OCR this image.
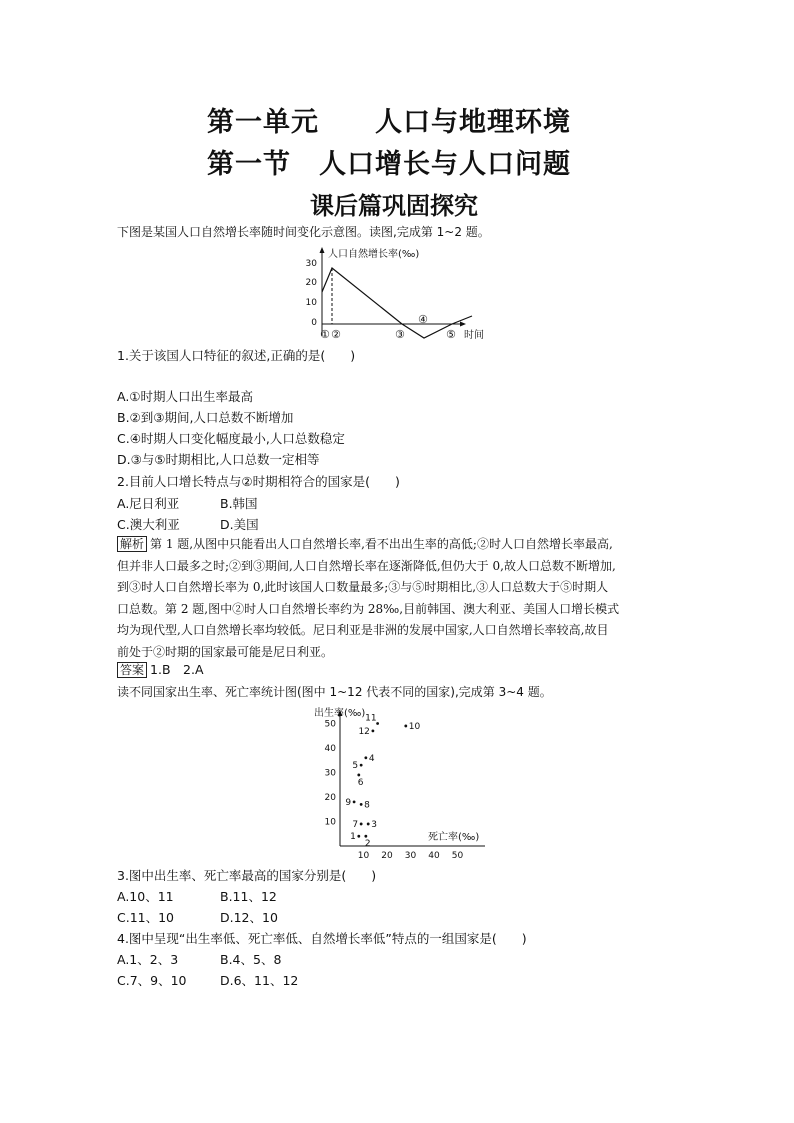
第一单元　　人口与地理环境
第一节　人口增长与人口问题
课后篇巩固探究
下图是某国人口自然增长率随时间变化示意图。读图,完成第 1~2 题。
人口自然增长率(‰)
30
20
10
0
① ②	③
④
⑤ 时间
1.关于该国人口特征的叙述,正确的是(　　)
A.①时期人口出生率最高
B.②到③期间,人口总数不断增加
C.④时期人口变化幅度最小,人口总数稳定
D.③与⑤时期相比,人口总数一定相等
2.目前人口增长特点与②时期相符合的国家是(　　)
A.尼日利亚	B.韩国
C.澳大利亚	D.美国
解析 第 1 题,从图中只能看出人口自然增长率,看不出出生率的高低;②时人口自然增长率最高,
但并非人口最多之时;②到③期间,人口自然增长率在逐渐降低,但仍大于 0,故人口总数不断增加,
到③时人口自然增长率为 0,此时该国人口数量最多;③与⑤时期相比,③人口总数大于⑤时期人
口总数。第 2 题,图中②时人口自然增长率约为 28‰,目前韩国、澳大利亚、美国人口增长模式
均为现代型,人口自然增长率均较低。尼日利亚是非洲的发展中国家,人口自然增长率较高,故目
前处于②时期的国家最可能是尼日利亚。
答案 1.B　2.A
读不同国家出生率、死亡率统计图(图中 1~12 代表不同的国家),完成第 3~4 题。
出生率(‰)
死亡率(‰)
10 20 30 40 50
50
40
30
20
10
1
2
3
4
5
6
7
8
9
10
11
12
3.图中出生率、死亡率最高的国家分别是(　　)
A.10、11	B.11、12
C.11、10	D.12、10
4.图中呈现“出生率低、死亡率低、自然增长率低”特点的一组国家是(　　)
A.1、2、3	B.4、5、8
C.7、9、10	D.6、11、12
